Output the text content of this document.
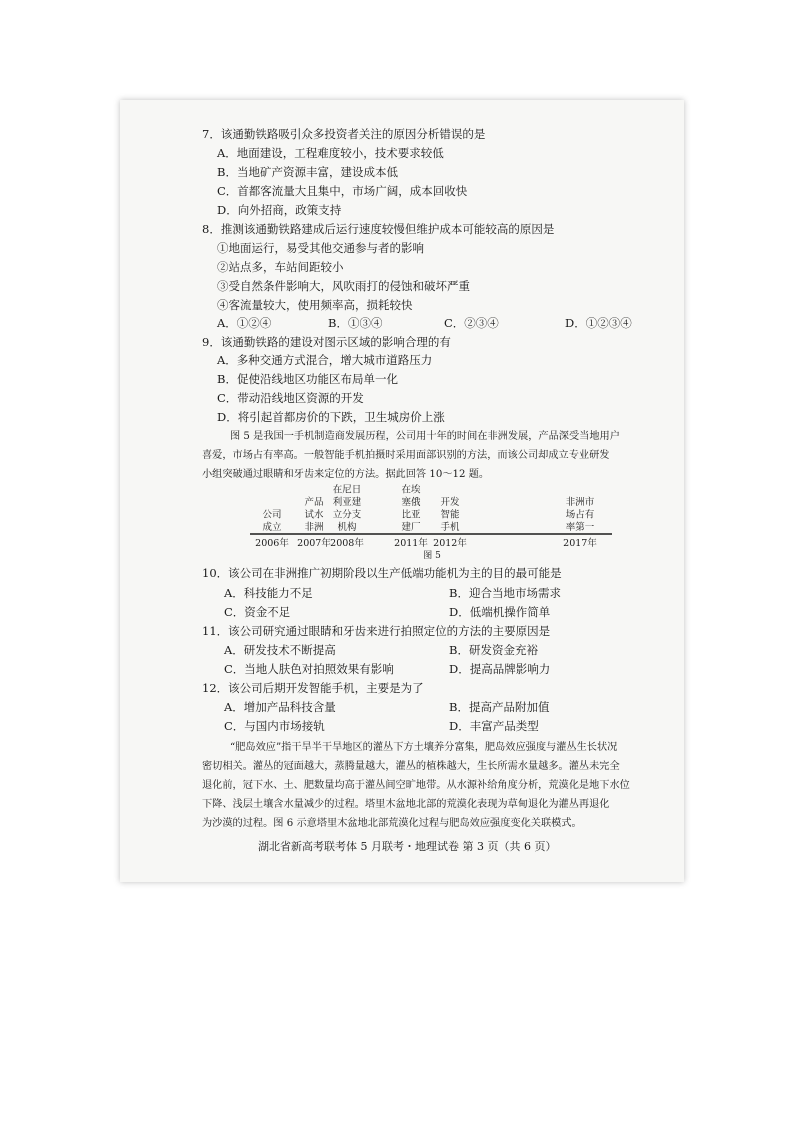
7．该通勤铁路吸引众多投资者关注的原因分析错误的是
A．地面建设，工程难度较小，技术要求较低
B．当地矿产资源丰富，建设成本低
C．首都客流量大且集中，市场广阔，成本回收快
D．向外招商，政策支持
8．推测该通勤铁路建成后运行速度较慢但维护成本可能较高的原因是
①地面运行，易受其他交通参与者的影响
②站点多，车站间距较小
③受自然条件影响大，风吹雨打的侵蚀和破坏严重
④客流量较大，使用频率高，损耗较快
A．①②④	B．①③④	C．②③④	D．①②③④
9．该通勤铁路的建设对图示区域的影响合理的有
A．多种交通方式混合，增大城市道路压力
B．促使沿线地区功能区布局单一化
C．带动沿线地区资源的开发
D．将引起首都房价的下跌，卫生城房价上涨
图 5 是我国一手机制造商发展历程，公司用十年的时间在非洲发展，产品深受当地用户
喜爱，市场占有率高。一般智能手机拍摄时采用面部识别的方法，而该公司却成立专业研发
小组突破通过眼睛和牙齿来定位的方法。据此回答 10～12 题。
公司
成立
2006年
产品
试水
非洲
2007年
在尼日
利亚建
立分支
机构
2008年
在埃
塞俄
比亚
建厂
2011年
开发
智能
手机
2012年
非洲市
场占有
率第一
2017年
图 5
10．该公司在非洲推广初期阶段以生产低端功能机为主的目的最可能是
A．科技能力不足	B．迎合当地市场需求
C．资金不足	D．低端机操作简单
11．该公司研究通过眼睛和牙齿来进行拍照定位的方法的主要原因是
A．研发技术不断提高	B．研发资金充裕
C．当地人肤色对拍照效果有影响	D．提高品牌影响力
12．该公司后期开发智能手机，主要是为了
A．增加产品科技含量	B．提高产品附加值
C．与国内市场接轨	D．丰富产品类型
“肥岛效应”指干旱半干旱地区的灌丛下方土壤养分富集，肥岛效应强度与灌丛生长状况
密切相关。灌丛的冠面越大，蒸腾量越大，灌丛的植株越大，生长所需水量越多。灌丛未完全
退化前，冠下水、土、肥数量均高于灌丛间空旷地带。从水源补给角度分析，荒漠化是地下水位
下降、浅层土壤含水量减少的过程。塔里木盆地北部的荒漠化表现为草甸退化为灌丛再退化
为沙漠的过程。图 6 示意塔里木盆地北部荒漠化过程与肥岛效应强度变化关联模式。
湖北省新高考联考体 5 月联考・地理试卷 第 3 页（共 6 页）
